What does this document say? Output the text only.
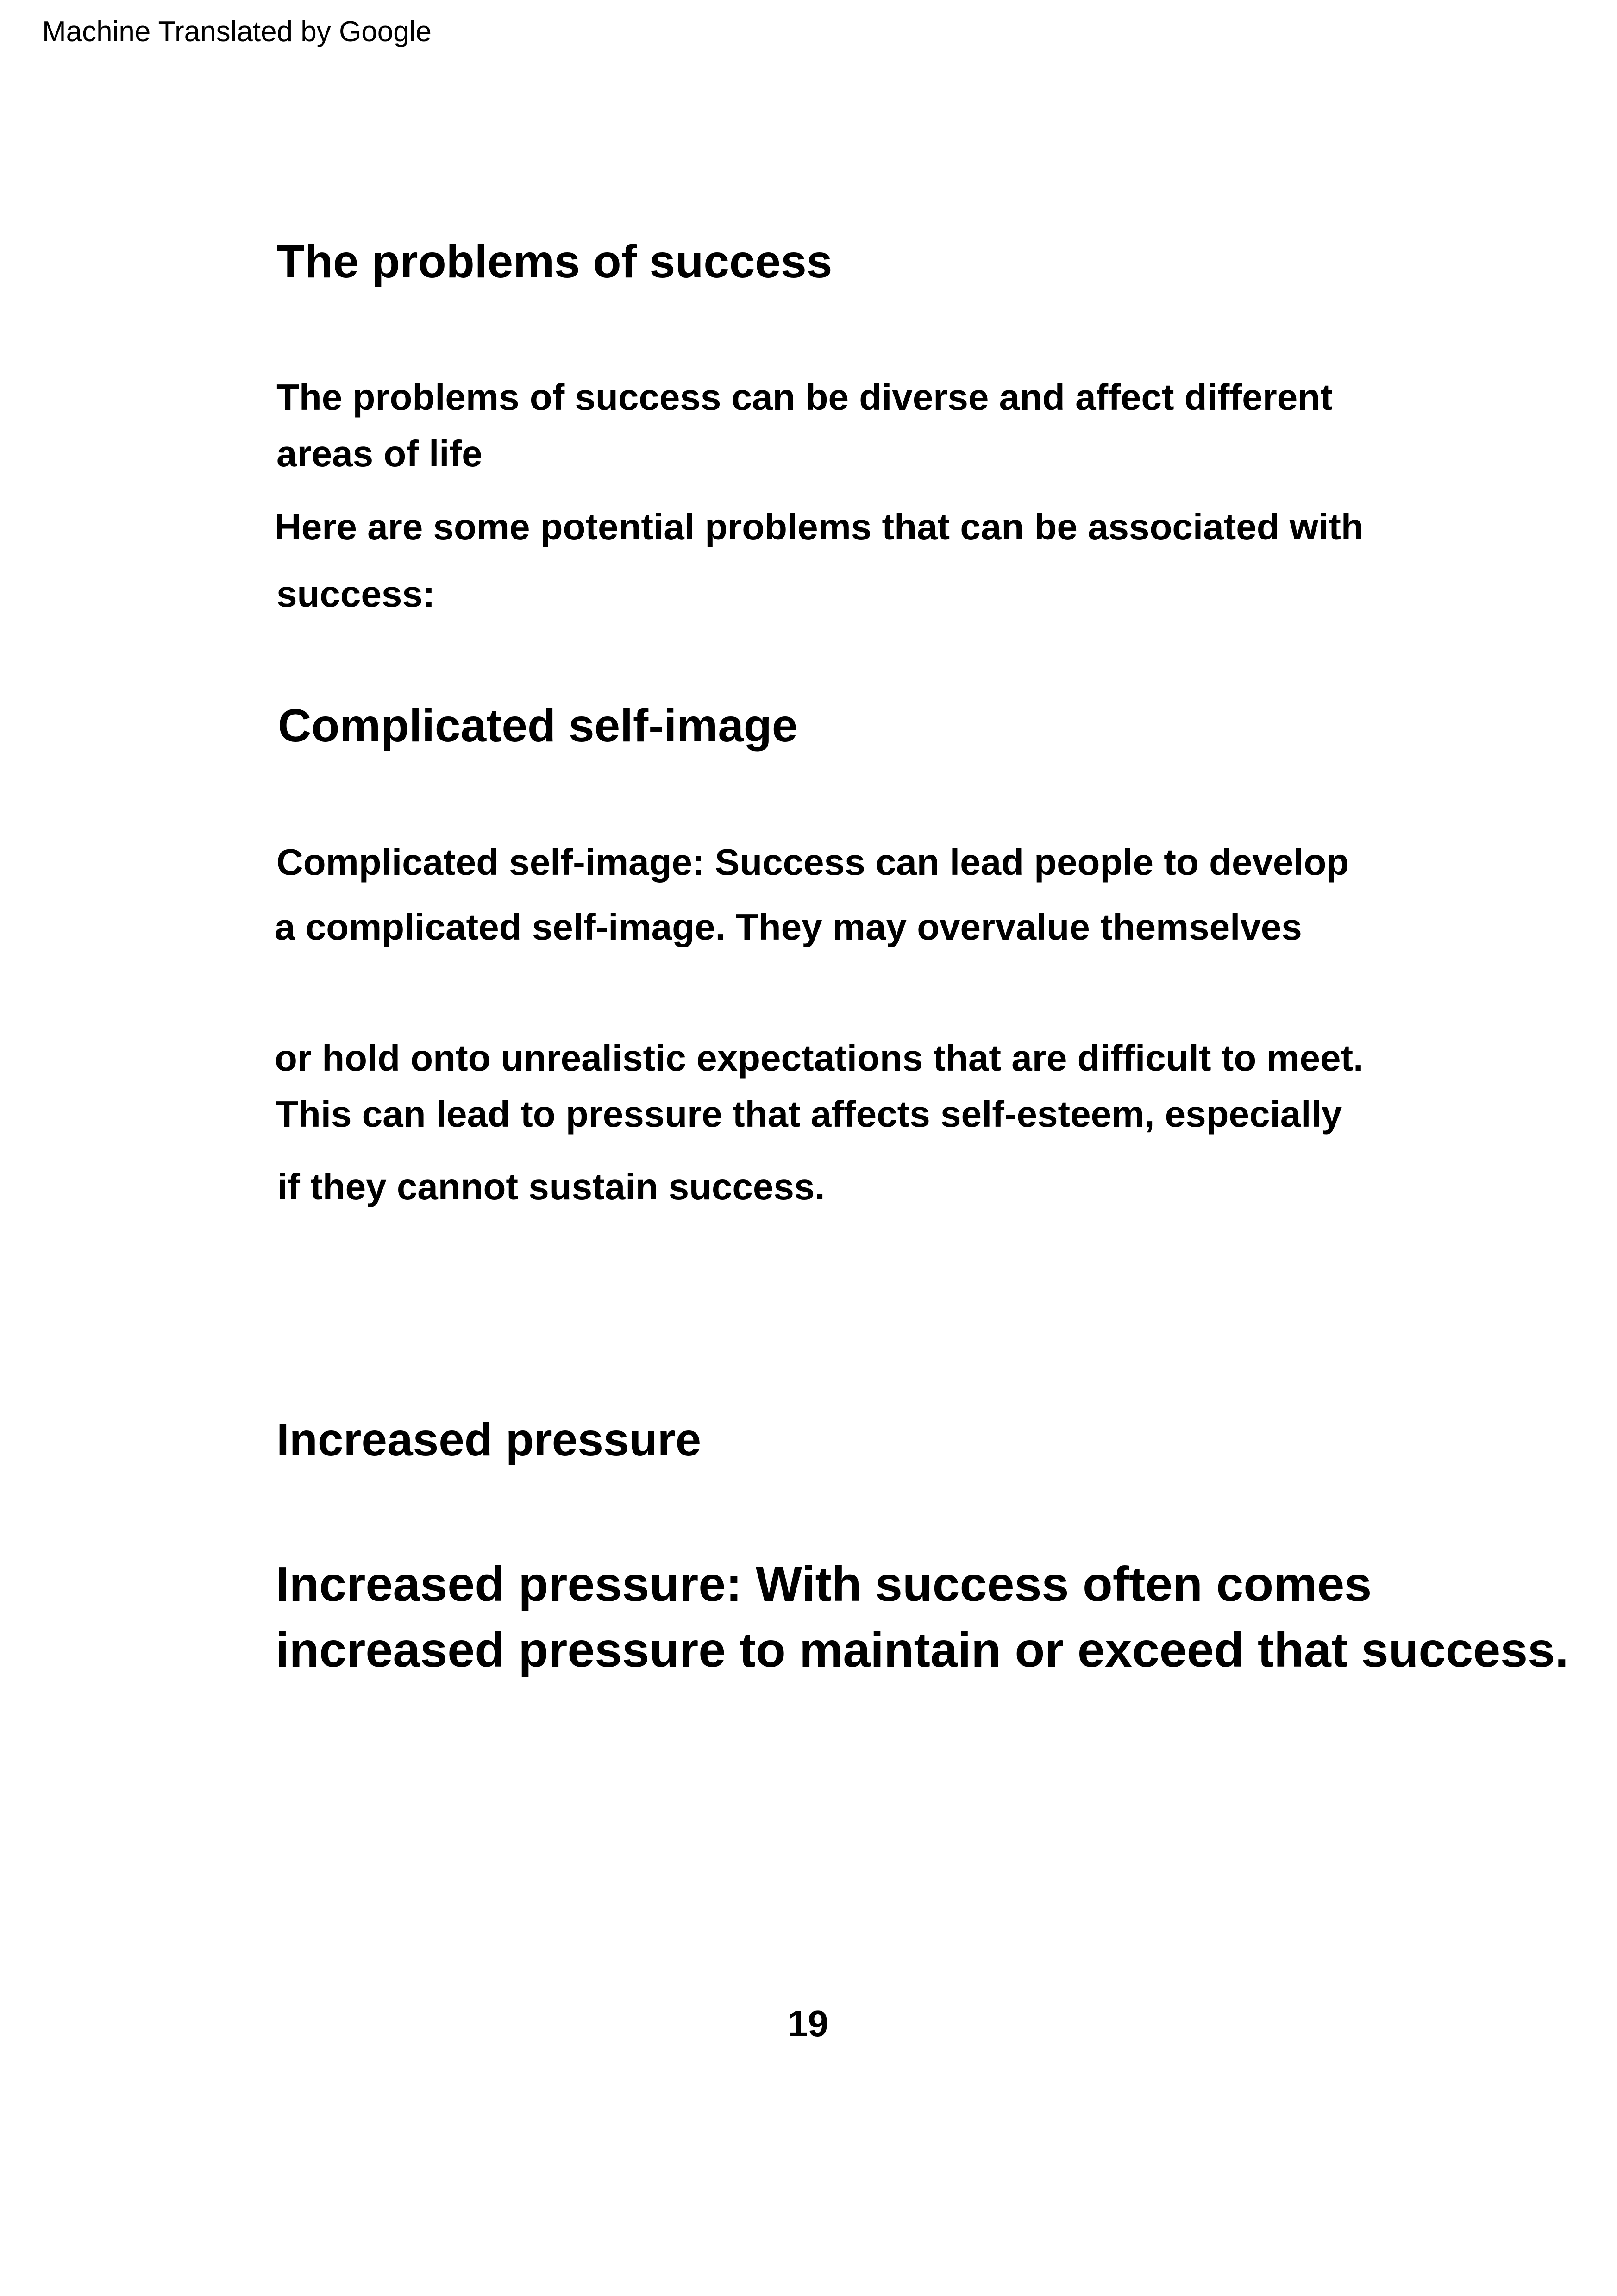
Machine Translated by Google
The problems of success

The problems of success can be diverse and affect different

areas of life

Here are some potential problems that can be associated with

success:

Complicated self-image

Complicated self-image: Success can lead people to develop

a complicated self-image. They may overvalue themselves

or hold onto unrealistic expectations that are difficult to meet.

This can lead to pressure that affects self-esteem, especially

if they cannot sustain success.

Increased pressure

Increased pressure: With success often comes

increased pressure to maintain or exceed that success.

19
